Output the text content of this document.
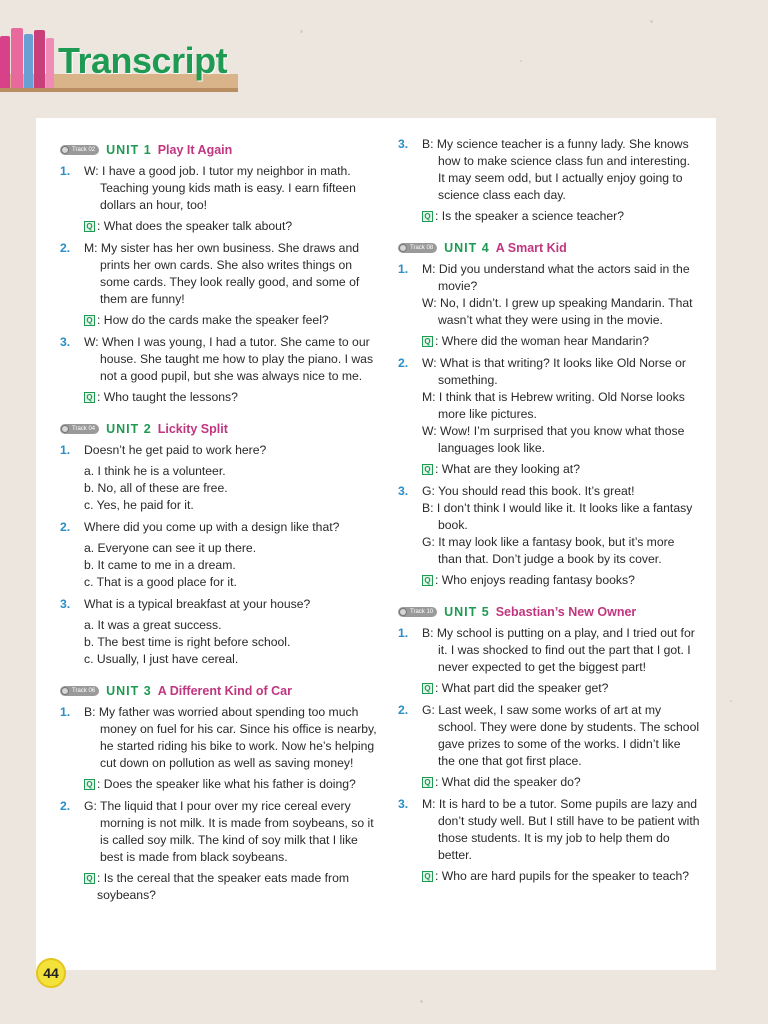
Transcript
Track 02 UNIT 1 Play It Again
1. W: I have a good job. I tutor my neighbor in math. Teaching young kids math is easy. I earn fifteen dollars an hour, too!
Q : What does the speaker talk about?
2. M: My sister has her own business. She draws and prints her own cards. She also writes things on some cards. They look really good, and some of them are funny!
Q : How do the cards make the speaker feel?
3. W: When I was young, I had a tutor. She came to our house. She taught me how to play the piano. I was not a good pupil, but she was always nice to me.
Q : Who taught the lessons?
Track 04 UNIT 2 Lickity Split
1. Doesn’t he get paid to work here?
a. I think he is a volunteer.
b. No, all of these are free.
c. Yes, he paid for it.
2. Where did you come up with a design like that?
a. Everyone can see it up there.
b. It came to me in a dream.
c. That is a good place for it.
3. What is a typical breakfast at your house?
a. It was a great success.
b. The best time is right before school.
c. Usually, I just have cereal.
Track 06 UNIT 3 A Different Kind of Car
1. B: My father was worried about spending too much money on fuel for his car. Since his office is nearby, he started riding his bike to work. Now he’s helping cut down on pollution as well as saving money!
Q : Does the speaker like what his father is doing?
2. G: The liquid that I pour over my rice cereal every morning is not milk. It is made from soybeans, so it is called soy milk. The kind of soy milk that I like best is made from black soybeans.
Q : Is the cereal that the speaker eats made from soybeans?
3. B: My science teacher is a funny lady. She knows how to make science class fun and interesting. It may seem odd, but I actually enjoy going to science class each day.
Q : Is the speaker a science teacher?
Track 08 UNIT 4 A Smart Kid
1. M: Did you understand what the actors said in the movie?
W: No, I didn’t. I grew up speaking Mandarin. That wasn’t what they were using in the movie.
Q : Where did the woman hear Mandarin?
2. W: What is that writing? It looks like Old Norse or something.
M: I think that is Hebrew writing. Old Norse looks more like pictures.
W: Wow! I’m surprised that you know what those languages look like.
Q : What are they looking at?
3. G: You should read this book. It’s great!
B: I don’t think I would like it. It looks like a fantasy book.
G: It may look like a fantasy book, but it’s more than that. Don’t judge a book by its cover.
Q : Who enjoys reading fantasy books?
Track 10 UNIT 5 Sebastian’s New Owner
1. B: My school is putting on a play, and I tried out for it. I was shocked to find out the part that I got. I never expected to get the biggest part!
Q : What part did the speaker get?
2. G: Last week, I saw some works of art at my school. They were done by students. The school gave prizes to some of the works. I didn’t like the one that got first place.
Q : What did the speaker do?
3. M: It is hard to be a tutor. Some pupils are lazy and don’t study well. But I still have to be patient with those students. It is my job to help them do better.
Q : Who are hard pupils for the speaker to teach?
44
